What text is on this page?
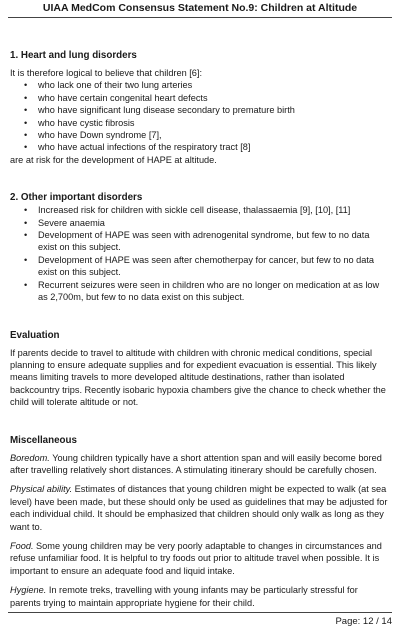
UIAA MedCom Consensus Statement No.9: Children at Altitude
1. Heart and lung disorders

It is therefore logical to believe that children [6]:

• who lack one of their two lung arteries
• who have certain congenital heart defects
• who have significant lung disease secondary to premature birth
• who have cystic fibrosis
• who have Down syndrome [7],
• who have actual infections of the respiratory tract [8]

are at risk for the development of HAPE at altitude.

2. Other important disorders
• Increased risk for children with sickle cell disease, thalassaemia [9], [10], [11]
• Severe anaemia
• Development of HAPE was seen with adrenogenital syndrome, but few to no data exist on this subject.
• Development of HAPE was seen after chemotherpay for cancer, but few to no data exist on this subject.
• Recurrent seizures were seen in children who are no longer on medication at as low as 2,700m, but few to no data exist on this subject.
Evaluation

If parents decide to travel to altitude with children with chronic medical conditions, special planning to ensure adequate supplies and for expedient evacuation is essential. This likely means limiting travels to more developed altitude destinations, rather than isolated backcountry trips. Recently isobaric hypoxia chambers give the chance to check whether the child will tolerate altitude or not.

Miscellaneous

Boredom. Young children typically have a short attention span and will easily become bored after travelling relatively short distances. A stimulating itinerary should be carefully chosen.

Physical ability. Estimates of distances that young children might be expected to walk (at sea level) have been made, but these should only be used as guidelines that may be adjusted for each individual child. It should be emphasized that children should only walk as long as they want to.

Food. Some young children may be very poorly adaptable to changes in circumstances and refuse unfamiliar food. It is helpful to try foods out prior to altitude travel when possible. It is important to ensure an adequate food and liquid intake.

Hygiene. In remote treks, travelling with young infants may be particularly stressful for parents trying to maintain appropriate hygiene for their child.

Page: 12 / 14
